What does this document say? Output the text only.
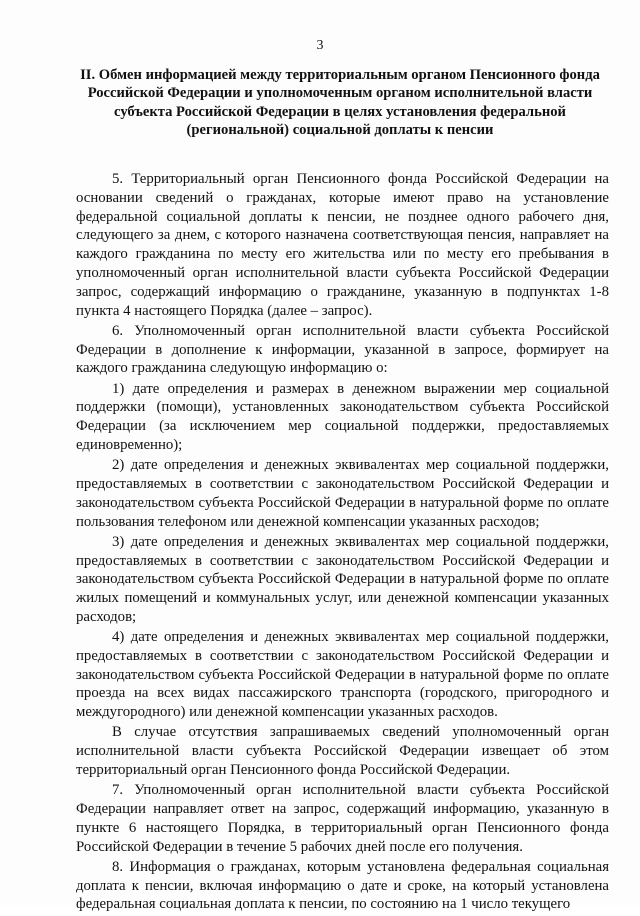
3
II. Обмен информацией между территориальным органом Пенсионного фонда Российской Федерации и уполномоченным органом исполнительной власти субъекта Российской Федерации в целях установления федеральной (региональной) социальной доплаты к пенсии

5. Территориальный орган Пенсионного фонда Российской Федерации на основании сведений о гражданах, которые имеют право на установление федеральной социальной доплаты к пенсии, не позднее одного рабочего дня, следующего за днем, с которого назначена соответствующая пенсия, направляет на каждого гражданина по месту его жительства или по месту его пребывания в уполномоченный орган исполнительной власти субъекта Российской Федерации запрос, содержащий информацию о гражданине, указанную в подпунктах 1-8 пункта 4 настоящего Порядка (далее – запрос).

6. Уполномоченный орган исполнительной власти субъекта Российской Федерации в дополнение к информации, указанной в запросе, формирует на каждого гражданина следующую информацию о:

1) дате определения и размерах в денежном выражении мер социальной поддержки (помощи), установленных законодательством субъекта Российской Федерации (за исключением мер социальной поддержки, предоставляемых единовременно);

2) дате определения и денежных эквивалентах мер социальной поддержки, предоставляемых в соответствии с законодательством Российской Федерации и законодательством субъекта Российской Федерации в натуральной форме по оплате пользования телефоном или денежной компенсации указанных расходов;

3) дате определения и денежных эквивалентах мер социальной поддержки, предоставляемых в соответствии с законодательством Российской Федерации и законодательством субъекта Российской Федерации в натуральной форме по оплате жилых помещений и коммунальных услуг, или денежной компенсации указанных расходов;

4) дате определения и денежных эквивалентах мер социальной поддержки, предоставляемых в соответствии с законодательством Российской Федерации и законодательством субъекта Российской Федерации в натуральной форме по оплате проезда на всех видах пассажирского транспорта (городского, пригородного и междугородного) или денежной компенсации указанных расходов.

В случае отсутствия запрашиваемых сведений уполномоченный орган исполнительной власти субъекта Российской Федерации извещает об этом территориальный орган Пенсионного фонда Российской Федерации.

7. Уполномоченный орган исполнительной власти субъекта Российской Федерации направляет ответ на запрос, содержащий информацию, указанную в пункте 6 настоящего Порядка, в территориальный орган Пенсионного фонда Российской Федерации в течение 5 рабочих дней после его получения.

8. Информация о гражданах, которым установлена федеральная социальная доплата к пенсии, включая информацию о дате и сроке, на который установлена федеральная социальная доплата к пенсии, по состоянию на 1 число текущего
